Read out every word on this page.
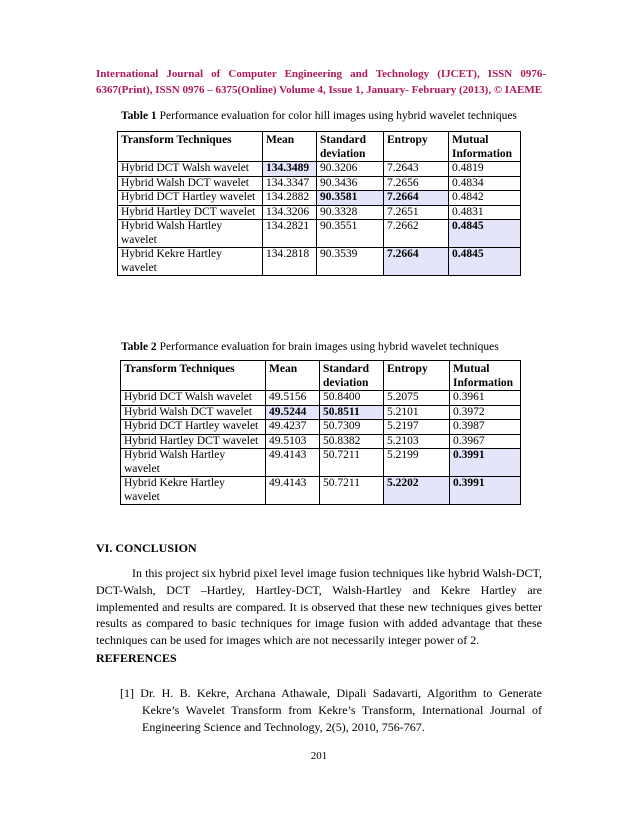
International Journal of Computer Engineering and Technology (IJCET), ISSN 0976-6367(Print), ISSN 0976 – 6375(Online) Volume 4, Issue 1, January- February (2013), © IAEME
Table 1 Performance evaluation for color hill images using hybrid wavelet techniques
Transform Techniques	Mean	Standard deviation	Entropy	Mutual Information
Hybrid DCT Walsh wavelet	134.3489	90.3206	7.2643	0.4819
Hybrid Walsh DCT wavelet	134.3347	90.3436	7.2656	0.4834
Hybrid DCT Hartley wavelet	134.2882	90.3581	7.2664	0.4842
Hybrid Hartley DCT wavelet	134.3206	90.3328	7.2651	0.4831
Hybrid Walsh Hartley wavelet	134.2821	90.3551	7.2662	0.4845
Hybrid Kekre Hartley wavelet	134.2818	90.3539	7.2664	0.4845
Table 2 Performance evaluation for brain images using hybrid wavelet techniques
Transform Techniques	Mean	Standard deviation	Entropy	Mutual Information
Hybrid DCT Walsh wavelet	49.5156	50.8400	5.2075	0.3961
Hybrid Walsh DCT wavelet	49.5244	50.8511	5.2101	0.3972
Hybrid DCT Hartley wavelet	49.4237	50.7309	5.2197	0.3987
Hybrid Hartley DCT wavelet	49.5103	50.8382	5.2103	0.3967
Hybrid Walsh Hartley wavelet	49.4143	50.7211	5.2199	0.3991
Hybrid Kekre Hartley wavelet	49.4143	50.7211	5.2202	0.3991
VI. CONCLUSION
In this project six hybrid pixel level image fusion techniques like hybrid Walsh-DCT, DCT-Walsh, DCT –Hartley, Hartley-DCT, Walsh-Hartley and Kekre Hartley are implemented and results are compared. It is observed that these new techniques gives better results as compared to basic techniques for image fusion with added advantage that these techniques can be used for images which are not necessarily integer power of 2.
REFERENCES
[1] Dr. H. B. Kekre, Archana Athawale, Dipali Sadavarti, Algorithm to Generate Kekre’s Wavelet Transform from Kekre’s Transform, International Journal of Engineering Science and Technology, 2(5), 2010, 756-767.
201
